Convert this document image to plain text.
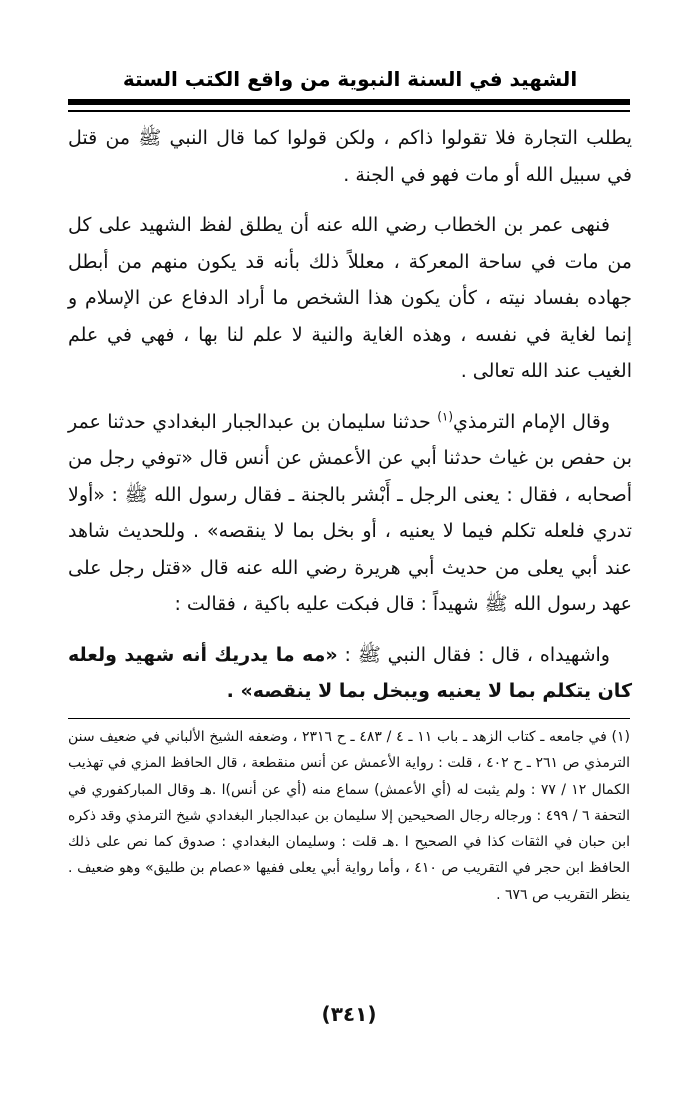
الشهيد في السنة النبوية من واقع الكتب الستة

يطلب التجارة فلا تقولوا ذاكم ، ولكن قولوا كما قال النبي ﷺ من قتل في سبيل الله أو مات فهو في الجنة .

فنهى عمر بن الخطاب رضي الله عنه أن يطلق لفظ الشهيد على كل من مات في ساحة المعركة ، معللاً ذلك بأنه قد يكون منهم من أبطل جهاده بفساد نيته ، كأن يكون هذا الشخص ما أراد الدفاع عن الإسلام و إنما لغاية في نفسه ، وهذه الغاية والنية لا علم لنا بها ، فهي في علم الغيب عند الله تعالى .

وقال الإمام الترمذي$^{(١)}$ حدثنا سليمان بن عبدالجبار البغدادي حدثنا عمر بن حفص بن غياث حدثنا أبي عن الأعمش عن أنس قال «توفي رجل من أصحابه ، فقال : يعنى الرجل ـ أَبْشر بالجنة ـ فقال رسول الله ﷺ : «أولا تدري فلعله تكلم فيما لا يعنيه ، أو بخل بما لا ينقصه» . وللحديث شاهد عند أبي يعلى من حديث أبي هريرة رضي الله عنه قال «قتل رجل على عهد رسول الله ﷺ شهيداً : قال فبكت عليه باكية ، فقالت :

واشهيداه ، قال : فقال النبي ﷺ : «مه ما يدريك أنه شهيد ولعله كان يتكلم بما لا يعنيه ويبخل بما لا ينقصه» .

(١) في جامعه ـ كتاب الزهد ـ باب ١١ ـ ٤ / ٤٨٣ ـ ح ٢٣١٦ ، وضعفه الشيخ الألباني في ضعيف سنن الترمذي ص ٢٦١ ـ ح ٤٠٢ ، قلت : رواية الأعمش عن أنس منقطعة ، قال الحافظ المزي في تهذيب الكمال ١٢ / ٧٧ : ولم يثبت له (أي الأعمش) سماع منه (أي عن أنس)ا .هـ وقال المباركفوري في التحفة ٦ / ٤٩٩ : ورجاله رجال الصحيحين إلا سليمان بن عبدالجبار البغدادي شيخ الترمذي وقد ذكره ابن حبان في الثقات كذا في الصحيح ا .هـ قلت : وسليمان البغدادي : صدوق كما نص على ذلك الحافظ ابن حجر في التقريب ص ٤١٠ ، وأما رواية أبي يعلى ففيها «عصام بن طليق» وهو ضعيف . ينظر التقريب ص ٦٧٦ .

(٣٤١)
